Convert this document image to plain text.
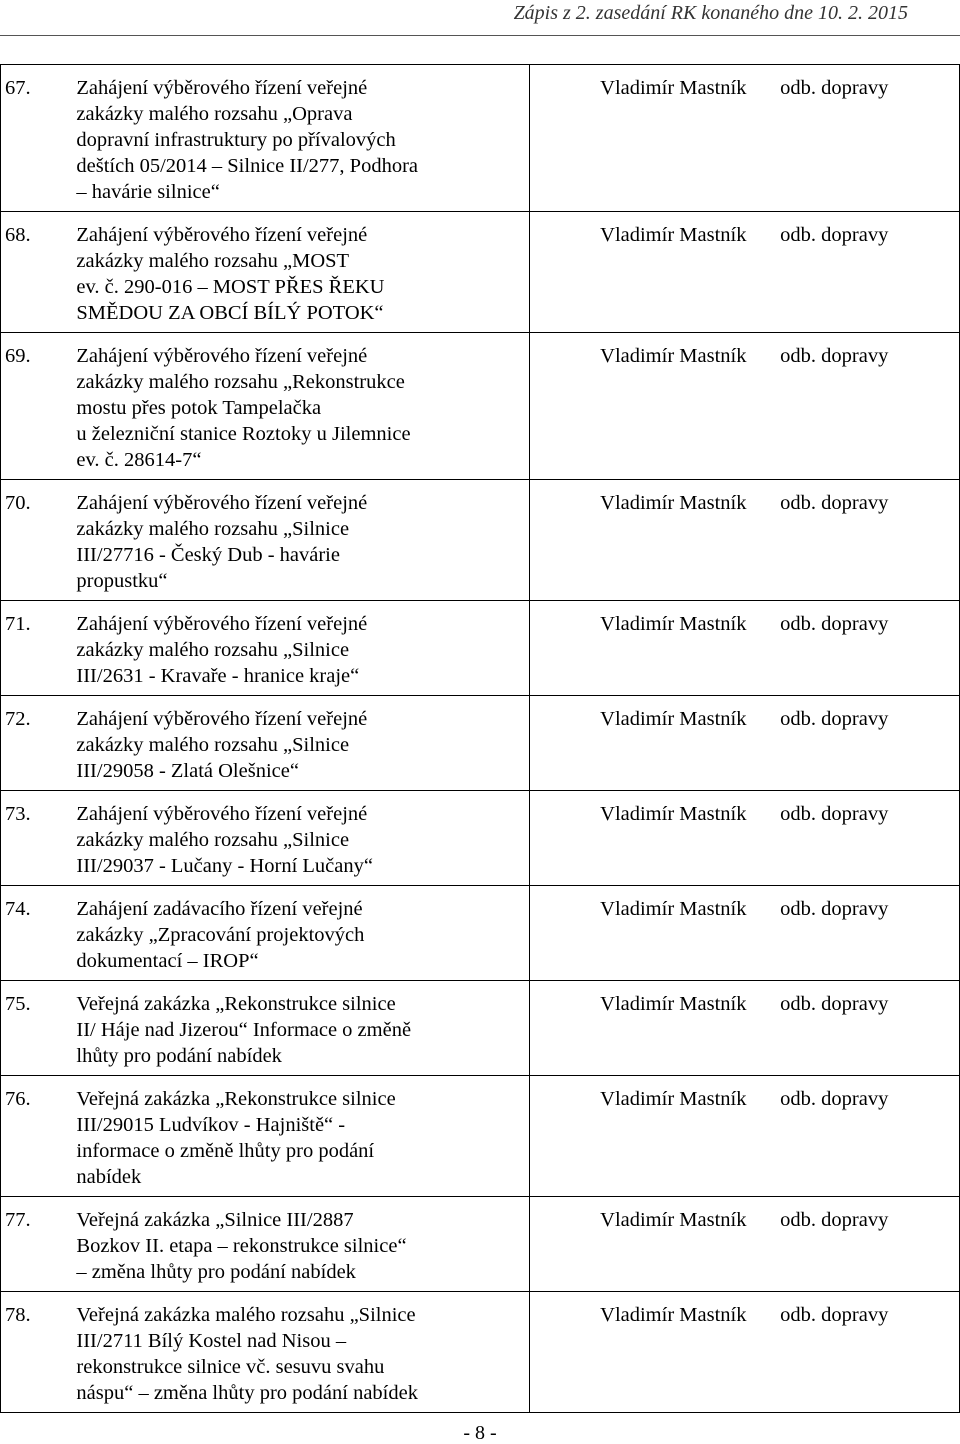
Zápis z 2. zasedání RK konaného dne 10. 2. 2015
67.	Zahájení výběrového řízení veřejné
zakázky malého rozsahu „Oprava
dopravní infrastruktury po přívalových
deštích 05/2014 – Silnice II/277, Podhora
– havárie silnice“	Vladimír Mastník odb. dopravy
68.	Zahájení výběrového řízení veřejné
zakázky malého rozsahu „MOST
ev. č. 290-016 – MOST PŘES ŘEKU
SMĚDOU ZA OBCÍ BÍLÝ POTOK“	Vladimír Mastník odb. dopravy
69.	Zahájení výběrového řízení veřejné
zakázky malého rozsahu „Rekonstrukce
mostu přes potok Tampelačka
u železniční stanice Roztoky u Jilemnice
ev. č. 28614-7“	Vladimír Mastník odb. dopravy
70.	Zahájení výběrového řízení veřejné
zakázky malého rozsahu „Silnice
III/27716 - Český Dub - havárie
propustku“	Vladimír Mastník odb. dopravy
71.	Zahájení výběrového řízení veřejné
zakázky malého rozsahu „Silnice
III/2631 - Kravaře - hranice kraje“	Vladimír Mastník odb. dopravy
72.	Zahájení výběrového řízení veřejné
zakázky malého rozsahu „Silnice
III/29058 - Zlatá Olešnice“	Vladimír Mastník odb. dopravy
73.	Zahájení výběrového řízení veřejné
zakázky malého rozsahu „Silnice
III/29037 - Lučany - Horní Lučany“	Vladimír Mastník odb. dopravy
74.	Zahájení zadávacího řízení veřejné
zakázky „Zpracování projektových
dokumentací – IROP“	Vladimír Mastník odb. dopravy
75.	Veřejná zakázka „Rekonstrukce silnice
II/ Háje nad Jizerou“ Informace o změně
lhůty pro podání nabídek	Vladimír Mastník odb. dopravy
76.	Veřejná zakázka „Rekonstrukce silnice
III/29015 Ludvíkov - Hajniště“ -
informace o změně lhůty pro podání
nabídek	Vladimír Mastník odb. dopravy
77.	Veřejná zakázka „Silnice III/2887
Bozkov II. etapa – rekonstrukce silnice“
– změna lhůty pro podání nabídek	Vladimír Mastník odb. dopravy
78.	Veřejná zakázka malého rozsahu „Silnice
III/2711 Bílý Kostel nad Nisou –
rekonstrukce silnice vč. sesuvu svahu
náspu“ – změna lhůty pro podání nabídek	Vladimír Mastník odb. dopravy
- 8 -
